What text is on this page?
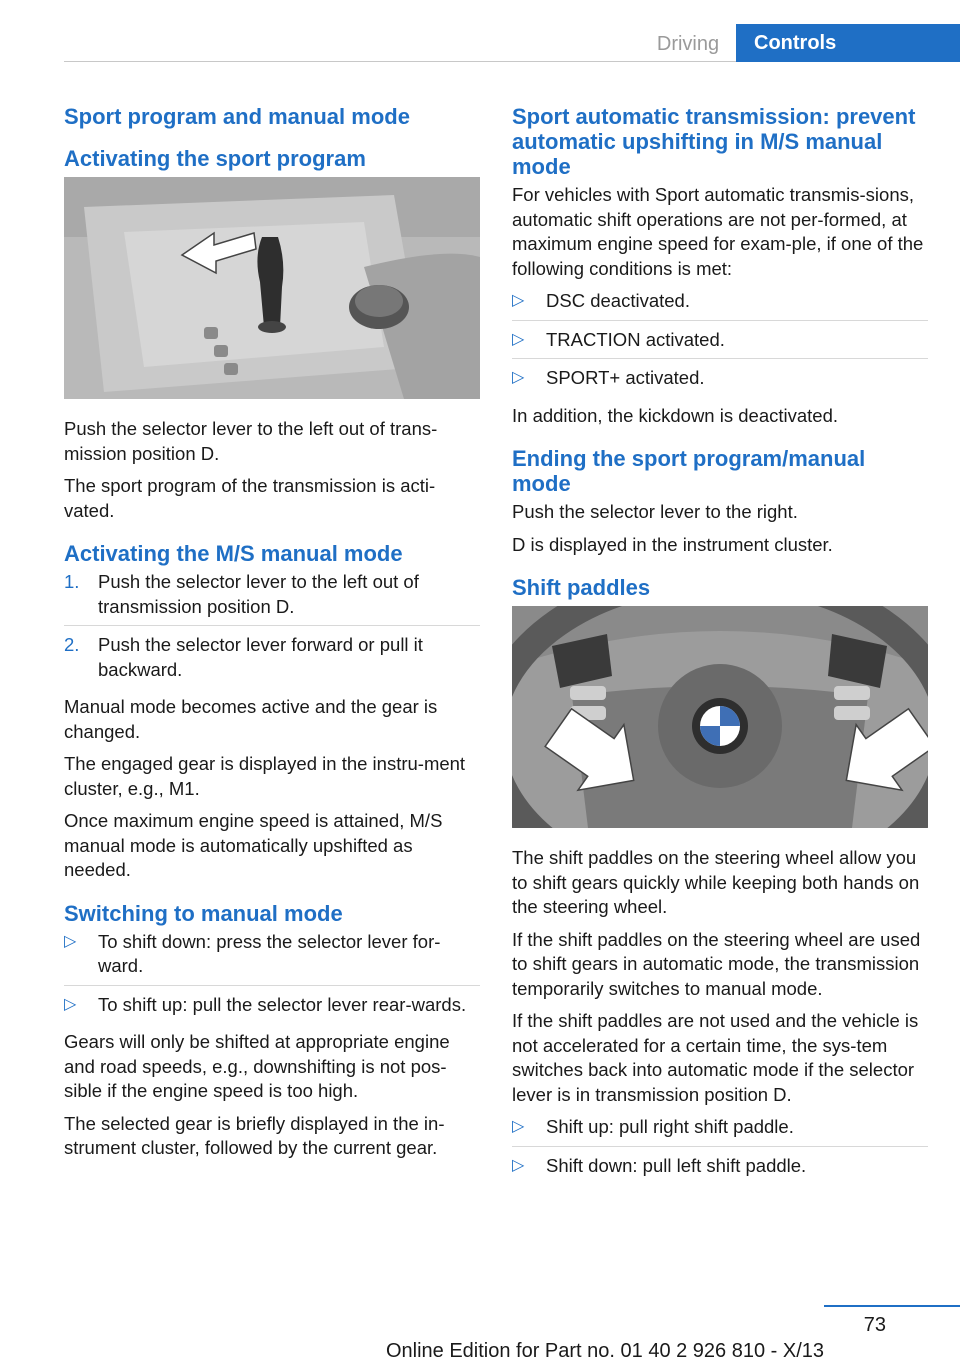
Driving	Controls
Sport program and manual mode
Activating the sport program

Push the selector lever to the left out of trans-mission position D.

The sport program of the transmission is acti-vated.

Activating the M/S manual mode
1. Push the selector lever to the left out of transmission position D.
2. Push the selector lever forward or pull it backward.

Manual mode becomes active and the gear is changed.

The engaged gear is displayed in the instru-ment cluster, e.g., M1.

Once maximum engine speed is attained, M/S manual mode is automatically upshifted as needed.

Switching to manual mode
▷ To shift down: press the selector lever for-ward.
▷ To shift up: pull the selector lever rear-wards.

Gears will only be shifted at appropriate engine and road speeds, e.g., downshifting is not pos-sible if the engine speed is too high.

The selected gear is briefly displayed in the in-strument cluster, followed by the current gear.

Sport automatic transmission: prevent automatic upshifting in M/S manual mode

For vehicles with Sport automatic transmis-sions, automatic shift operations are not per-formed, at maximum engine speed for exam-ple, if one of the following conditions is met:

▷ DSC deactivated.
▷ TRACTION activated.
▷ SPORT+ activated.

In addition, the kickdown is deactivated.

Ending the sport program/manual mode

Push the selector lever to the right.

D is displayed in the instrument cluster.

Shift paddles

The shift paddles on the steering wheel allow you to shift gears quickly while keeping both hands on the steering wheel.

If the shift paddles on the steering wheel are used to shift gears in automatic mode, the transmission temporarily switches to manual mode.

If the shift paddles are not used and the vehicle is not accelerated for a certain time, the sys-tem switches back into automatic mode if the selector lever is in transmission position D.

▷ Shift up: pull right shift paddle.
▷ Shift down: pull left shift paddle.
73
Online Edition for Part no. 01 40 2 926 810 - X/13
